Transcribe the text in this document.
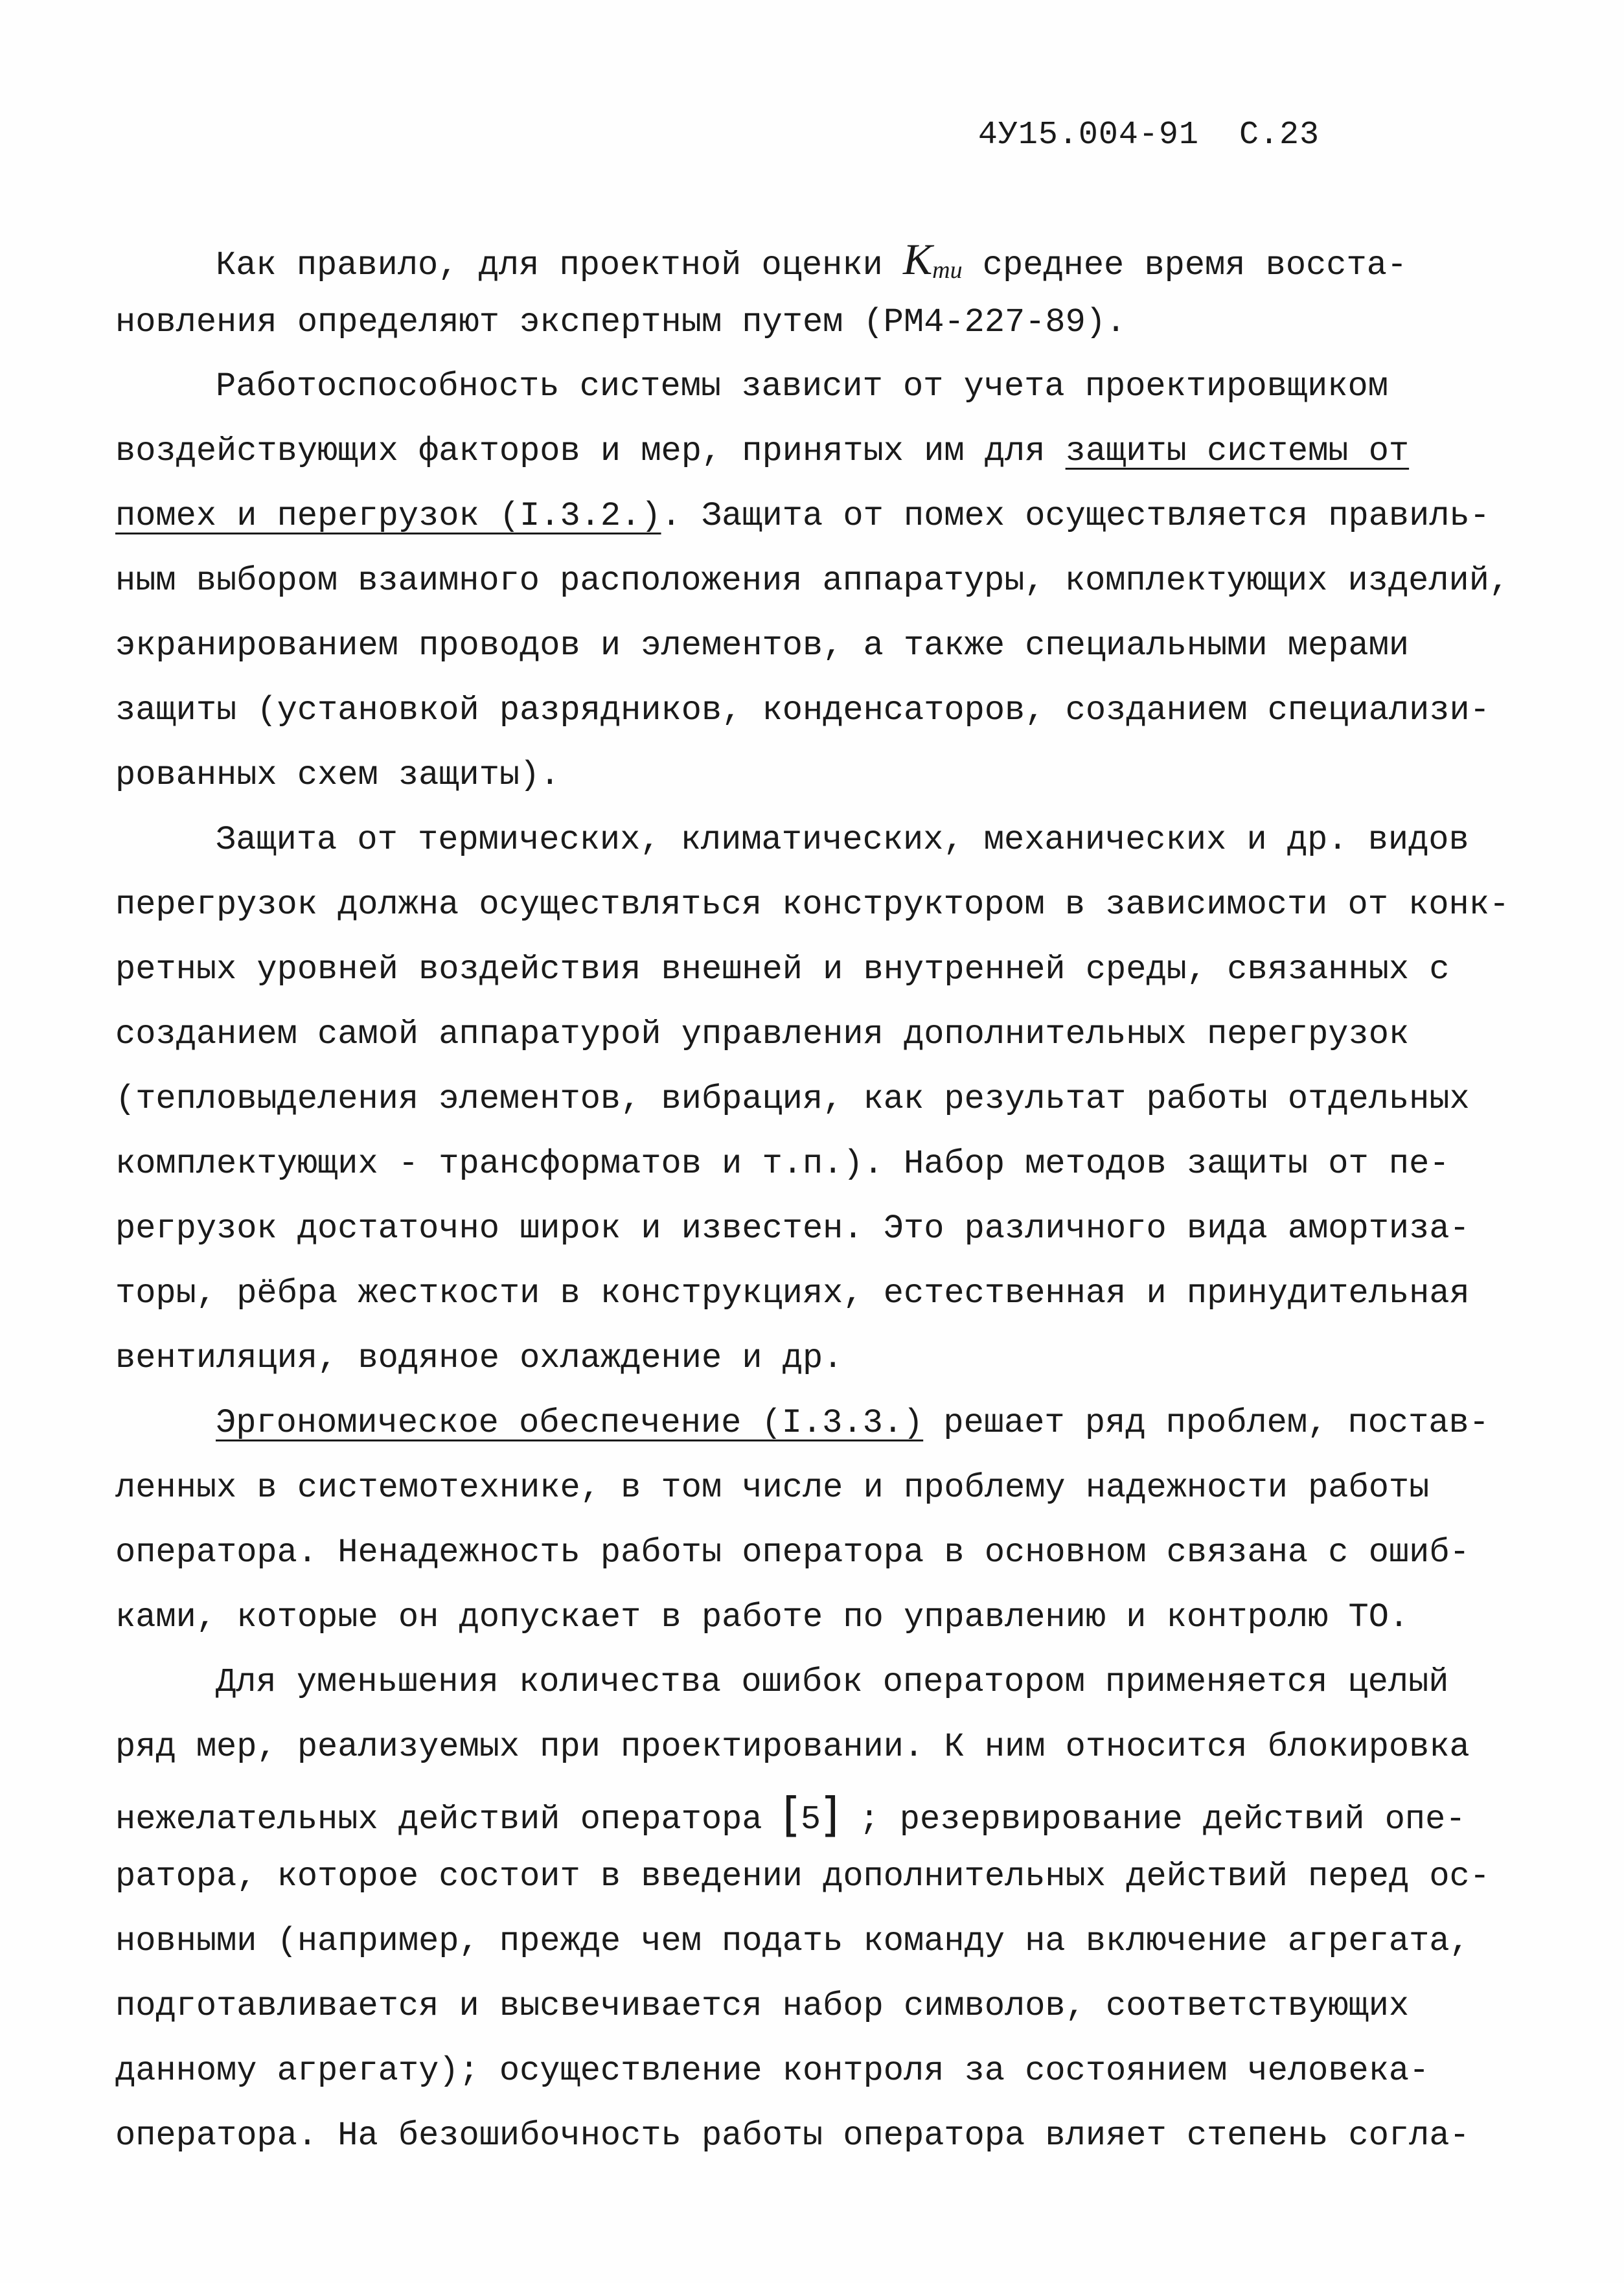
4У15.004-91 С.23
Как правило, для проектной оценки Кти среднее время восста-
новления определяют экспертным путем (РМ4-227-89).
Работоспособность системы зависит от учета проектировщиком
воздействующих факторов и мер, принятых им для защиты системы от
помех и перегрузок (I.3.2.). Защита от помех осуществляется правиль-
ным выбором взаимного расположения аппаратуры, комплектующих изделий,
экранированием проводов и элементов, а также специальными мерами
защиты (установкой разрядников, конденсаторов, созданием специализи-
рованных схем защиты).
Защита от термических, климатических, механических и др. видов
перегрузок должна осуществляться конструктором в зависимости от конк-
ретных уровней воздействия внешней и внутренней среды, связанных с
созданием самой аппаратурой управления дополнительных перегрузок
(тепловыделения элементов, вибрация, как результат работы отдельных
комплектующих - трансформатов и т.п.). Набор методов защиты от пе-
регрузок достаточно широк и известен. Это различного вида амортиза-
торы, рёбра жесткости в конструкциях, естественная и принудительная
вентиляция, водяное охлаждение и др.
Эргономическое обеспечение (I.3.3.) решает ряд проблем, постав-
ленных в системотехнике, в том числе и проблему надежности работы
оператора. Ненадежность работы оператора в основном связана с ошиб-
ками, которые он допускает в работе по управлению и контролю ТО.
Для уменьшения количества ошибок оператором применяется целый
ряд мер, реализуемых при проектировании. К ним относится блокировка
нежелательных действий оператора [5] ; резервирование действий опе-
ратора, которое состоит в введении дополнительных действий перед ос-
новными (например, прежде чем подать команду на включение агрегата,
подготавливается и высвечивается набор символов, соответствующих
данному агрегату); осуществление контроля за состоянием человека-
оператора. На безошибочность работы оператора влияет степень согла-
